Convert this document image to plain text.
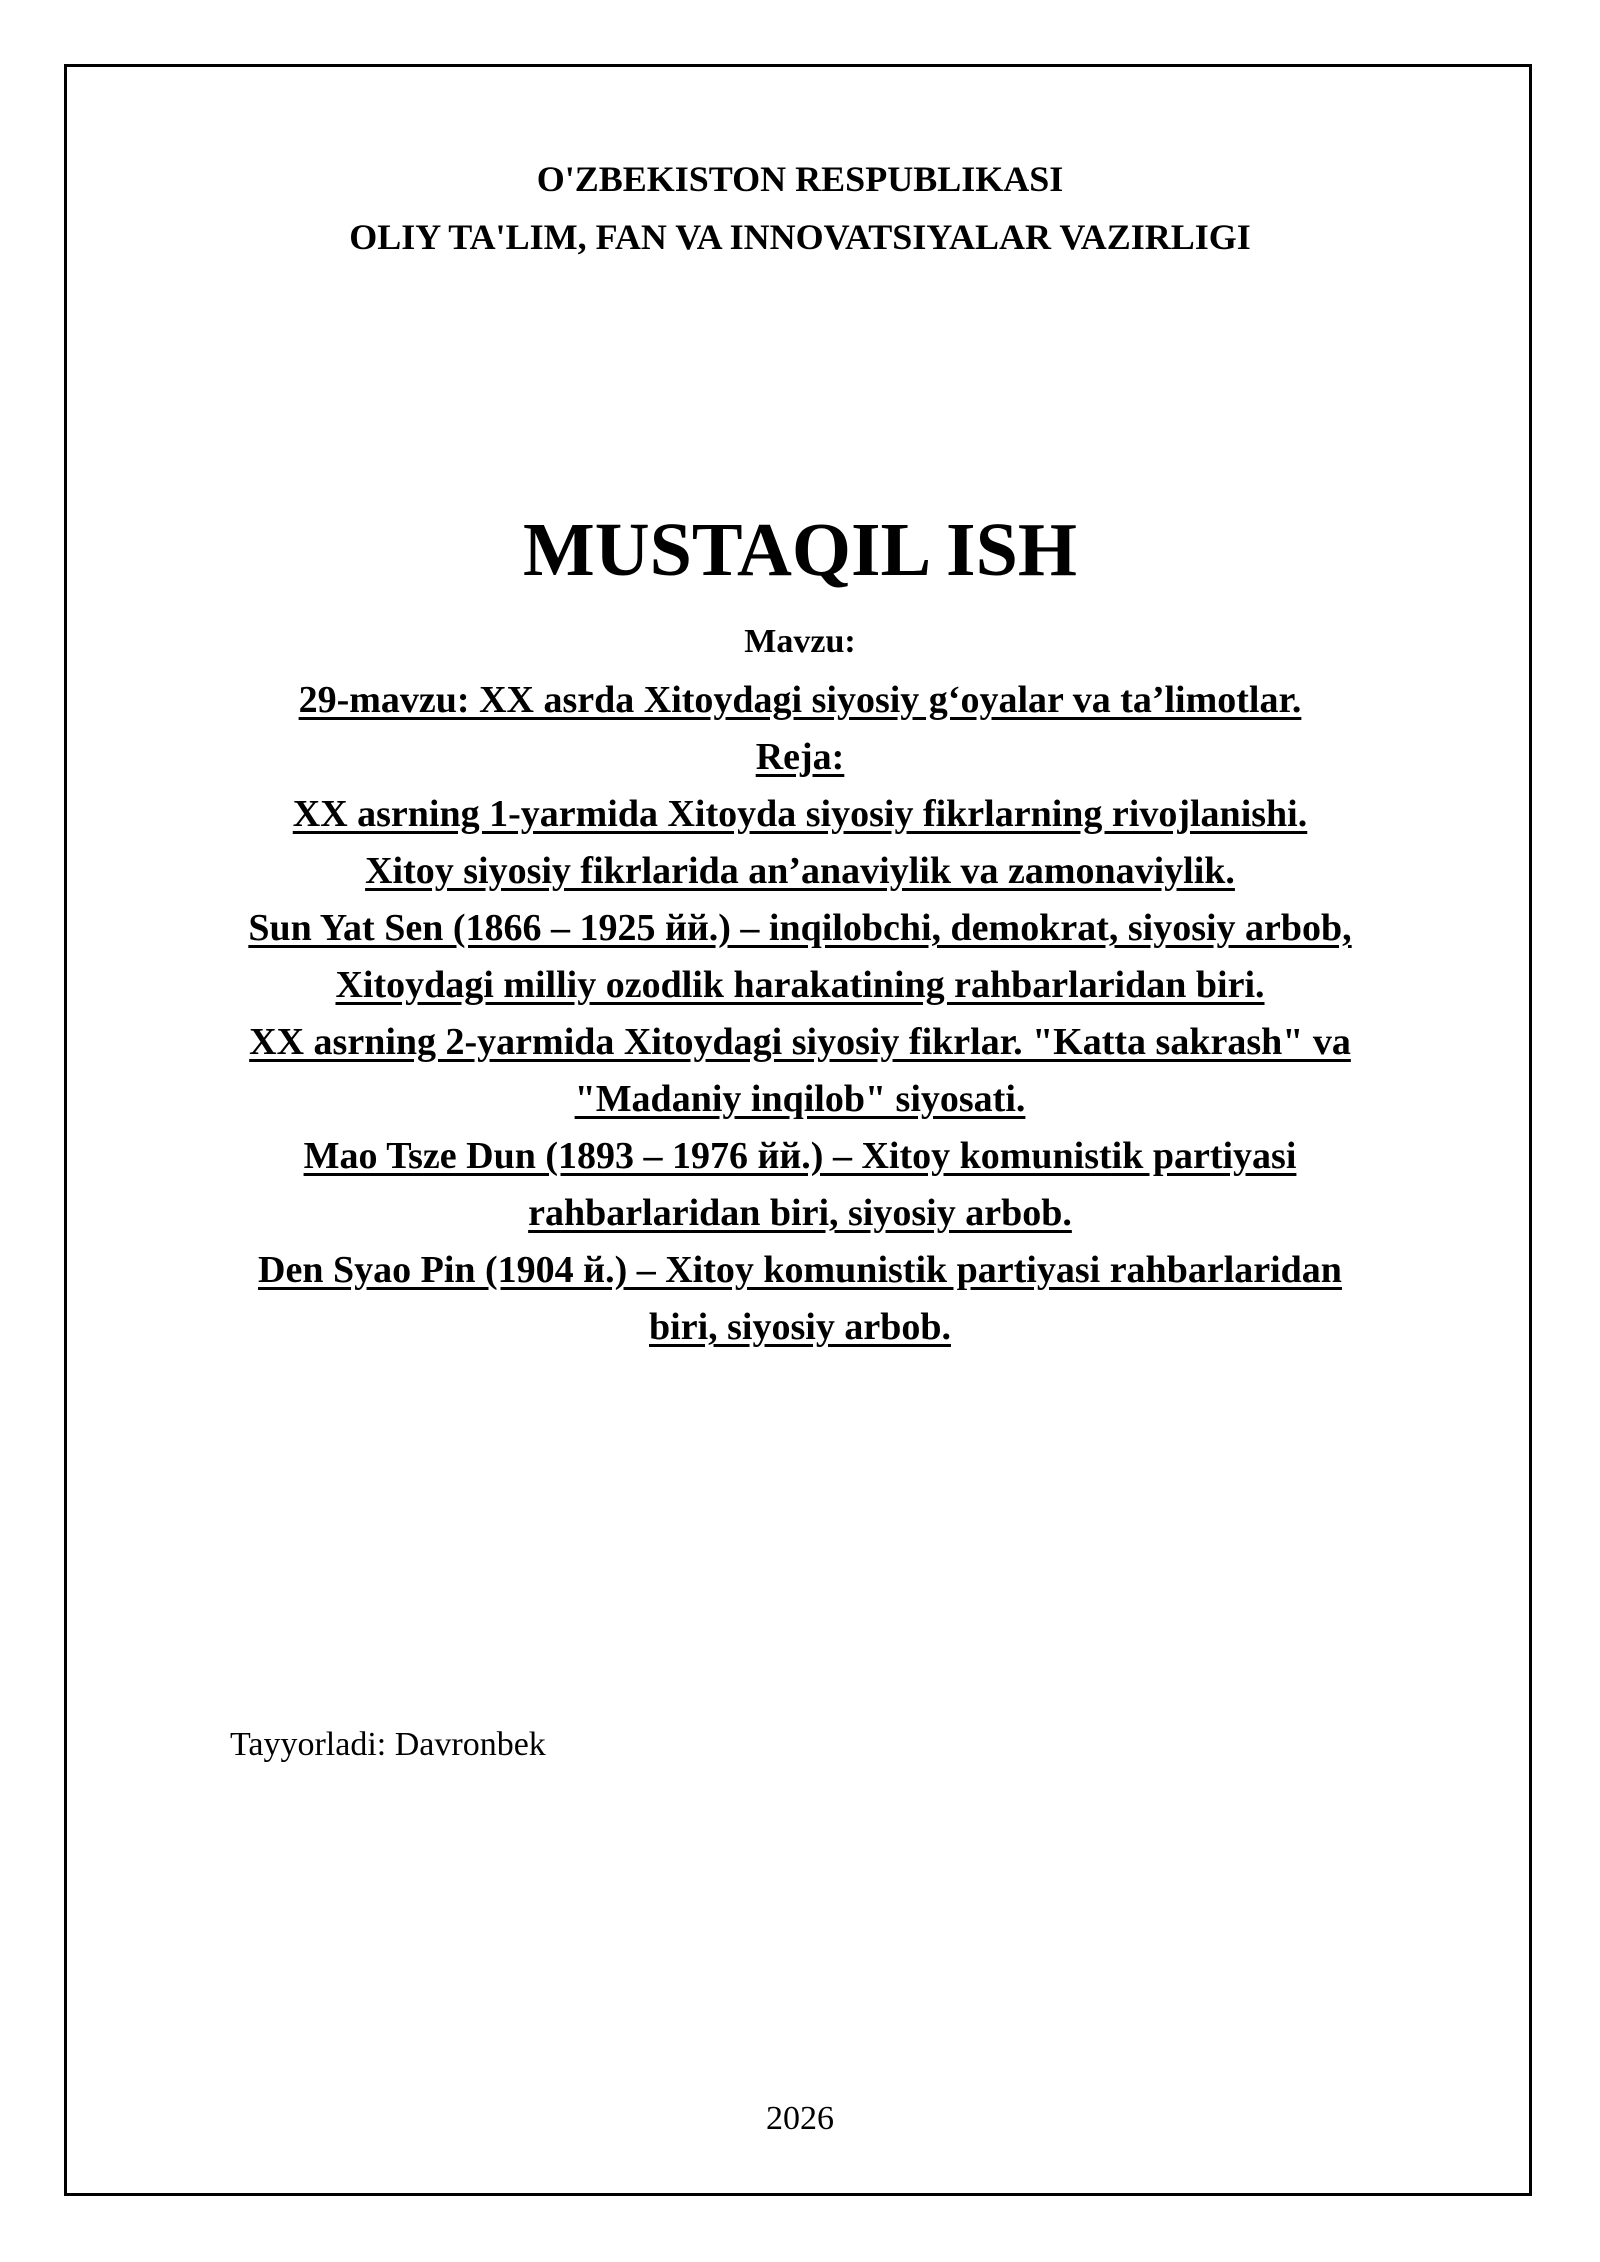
O'ZBEKISTON RESPUBLIKASI
OLIY TA'LIM, FAN VA INNOVATSIYALAR VAZIRLIGI
MUSTAQIL ISH
Mavzu:
29-mavzu: XX asrda Xitoydagi siyosiy g‘oyalar va ta’limotlar.
Reja:
XX asrning 1-yarmida Xitoyda siyosiy fikrlarning rivojlanishi.
Xitoy siyosiy fikrlarida an’anaviylik va zamonaviylik.
Sun Yat Sen (1866 – 1925 йй.) – inqilobchi, demokrat, siyosiy arbob,
Xitoydagi milliy ozodlik harakatining rahbarlaridan biri.
XX asrning 2-yarmida Xitoydagi siyosiy fikrlar. "Katta sakrash" va
"Madaniy inqilob" siyosati.
Mao Tsze Dun (1893 – 1976 йй.) – Xitoy komunistik partiyasi
rahbarlaridan biri, siyosiy arbob.
Den Syao Pin (1904 й.) – Xitoy komunistik partiyasi rahbarlaridan
biri, siyosiy arbob.
Tayyorladi: Davronbek
2026
